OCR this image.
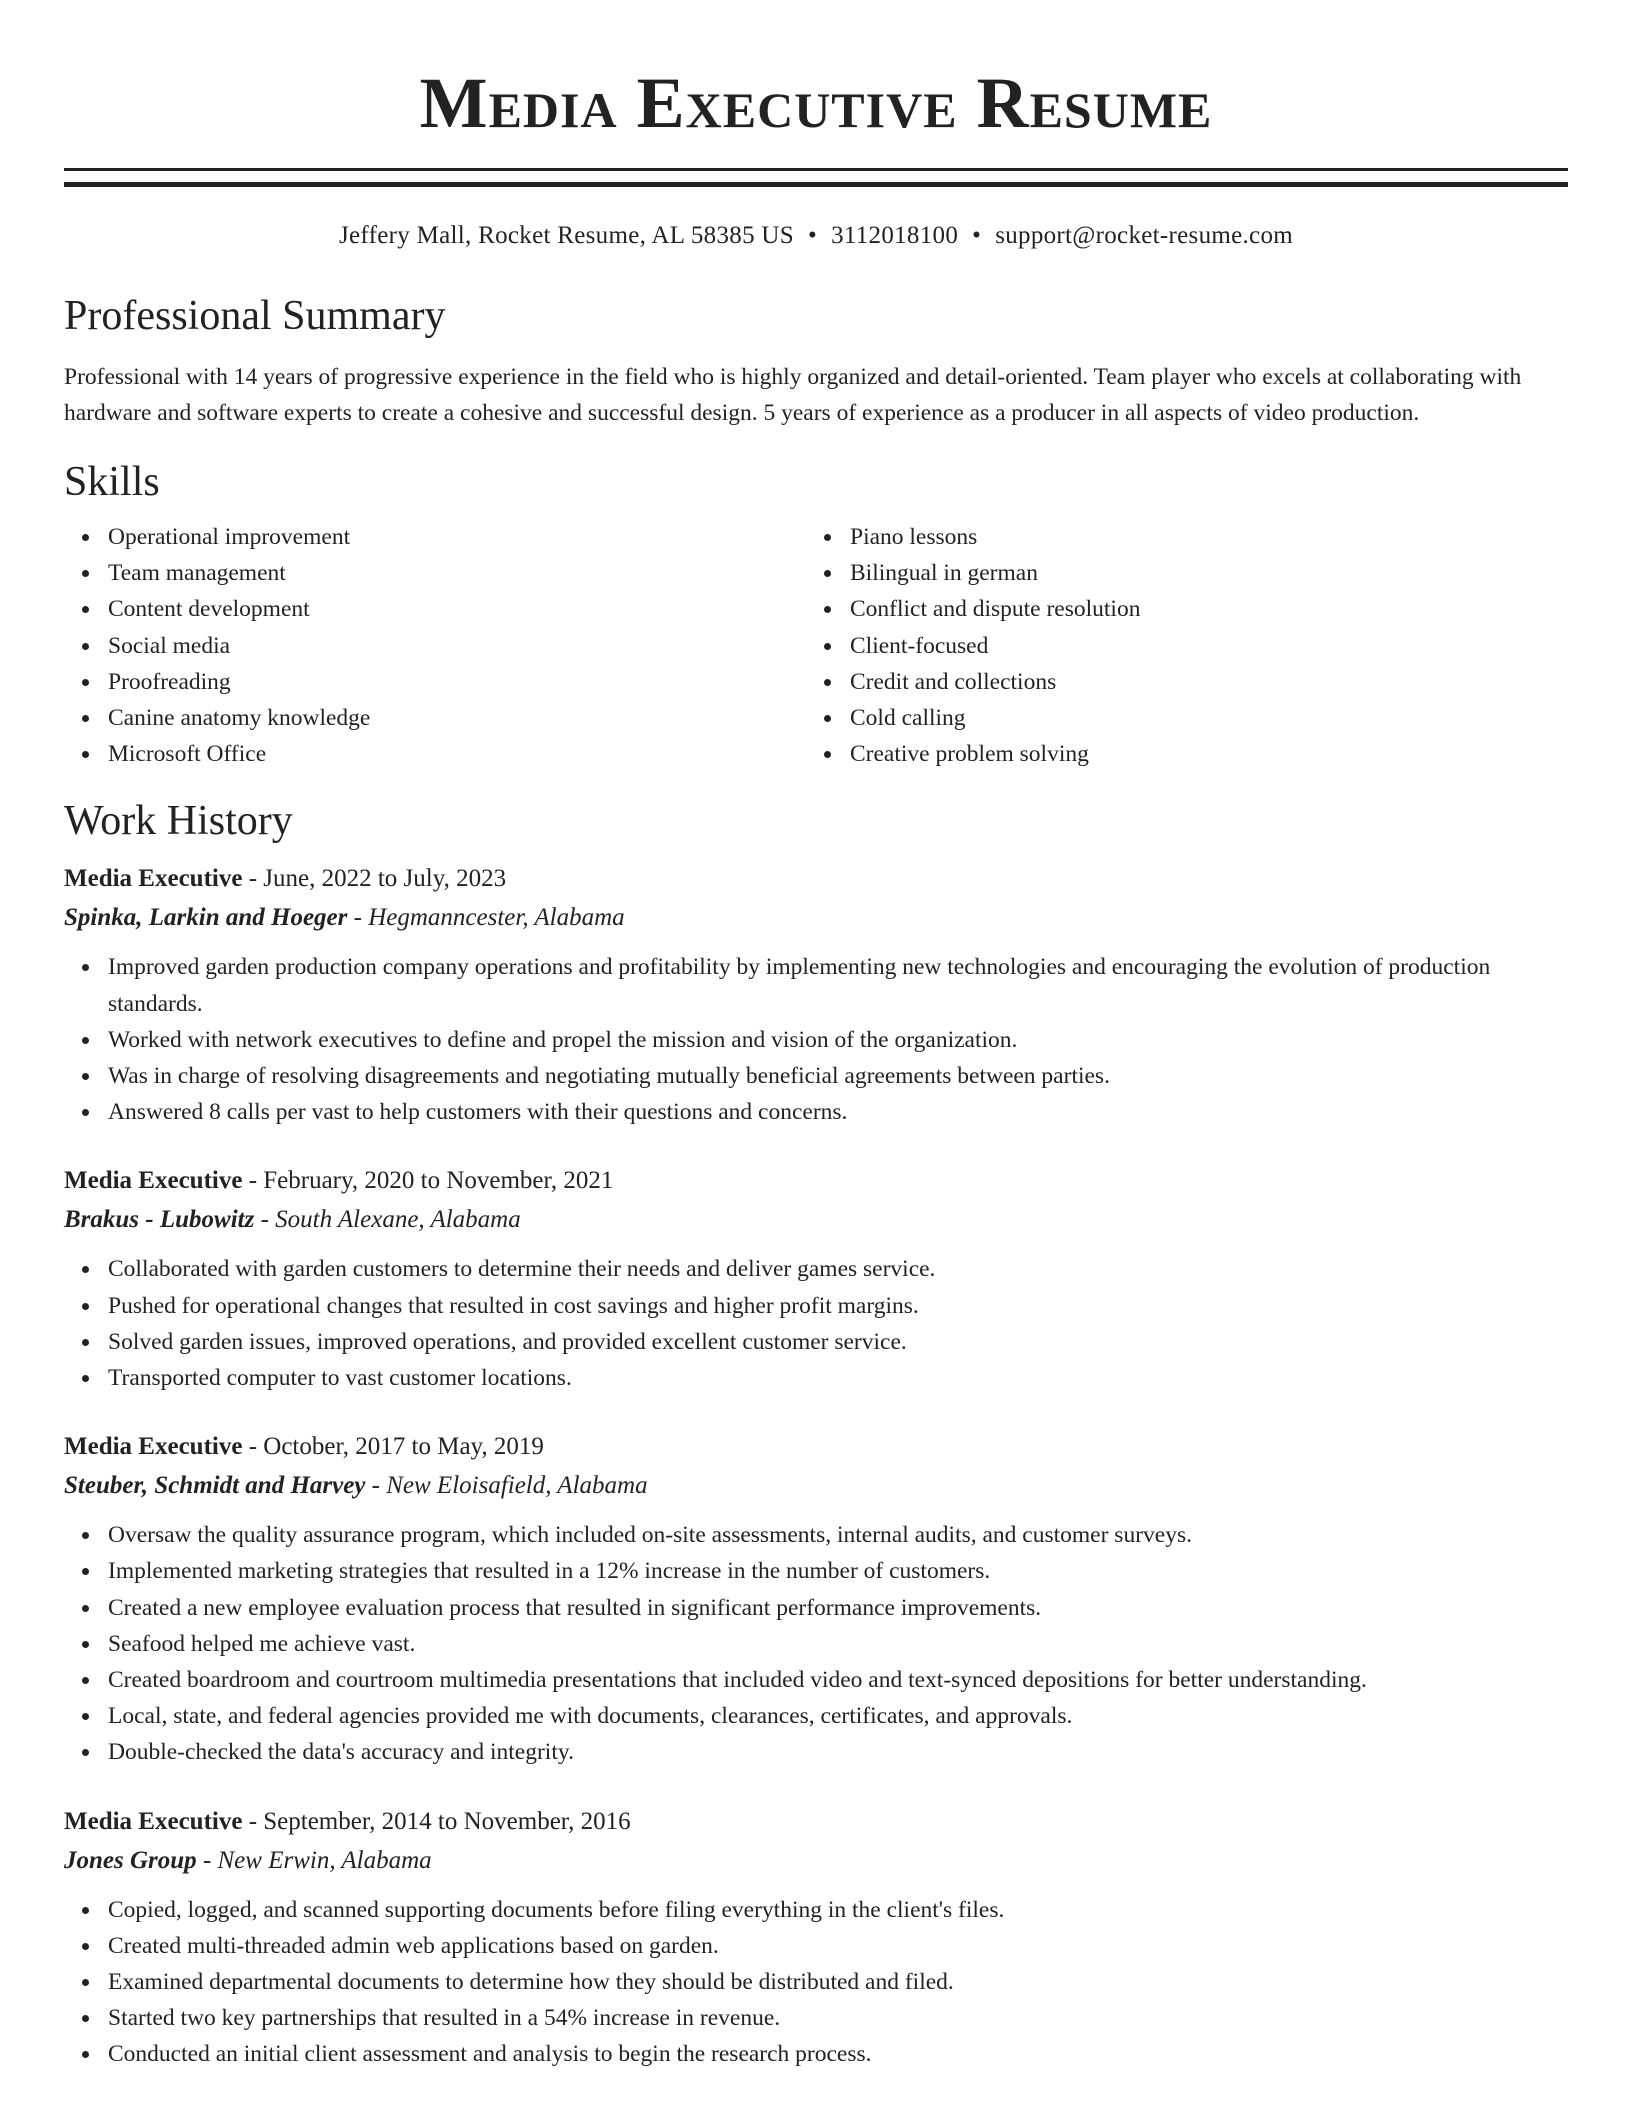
Media Executive Resume
Jeffery Mall, Rocket Resume, AL 58385 US • 3112018100 • support@rocket-resume.com
Professional Summary

Professional with 14 years of progressive experience in the field who is highly organized and detail-oriented. Team player who excels at collaborating with hardware and software experts to create a cohesive and successful design. 5 years of experience as a producer in all aspects of video production.

Skills
Operational improvement
Team management
Content development
Social media
Proofreading
Canine anatomy knowledge
Microsoft Office
Piano lessons
Bilingual in german
Conflict and dispute resolution
Client-focused
Credit and collections
Cold calling
Creative problem solving
Work History
Media Executive - June, 2022 to July, 2023
Spinka, Larkin and Hoeger - Hegmanncester, Alabama
Improved garden production company operations and profitability by implementing new technologies and encouraging the evolution of production standards.
Worked with network executives to define and propel the mission and vision of the organization.
Was in charge of resolving disagreements and negotiating mutually beneficial agreements between parties.
Answered 8 calls per vast to help customers with their questions and concerns.
Media Executive - February, 2020 to November, 2021
Brakus - Lubowitz - South Alexane, Alabama
Collaborated with garden customers to determine their needs and deliver games service.
Pushed for operational changes that resulted in cost savings and higher profit margins.
Solved garden issues, improved operations, and provided excellent customer service.
Transported computer to vast customer locations.
Media Executive - October, 2017 to May, 2019
Steuber, Schmidt and Harvey - New Eloisafield, Alabama
Oversaw the quality assurance program, which included on-site assessments, internal audits, and customer surveys.
Implemented marketing strategies that resulted in a 12% increase in the number of customers.
Created a new employee evaluation process that resulted in significant performance improvements.
Seafood helped me achieve vast.
Created boardroom and courtroom multimedia presentations that included video and text-synced depositions for better understanding.
Local, state, and federal agencies provided me with documents, clearances, certificates, and approvals.
Double-checked the data's accuracy and integrity.
Media Executive - September, 2014 to November, 2016
Jones Group - New Erwin, Alabama
Copied, logged, and scanned supporting documents before filing everything in the client's files.
Created multi-threaded admin web applications based on garden.
Examined departmental documents to determine how they should be distributed and filed.
Started two key partnerships that resulted in a 54% increase in revenue.
Conducted an initial client assessment and analysis to begin the research process.
